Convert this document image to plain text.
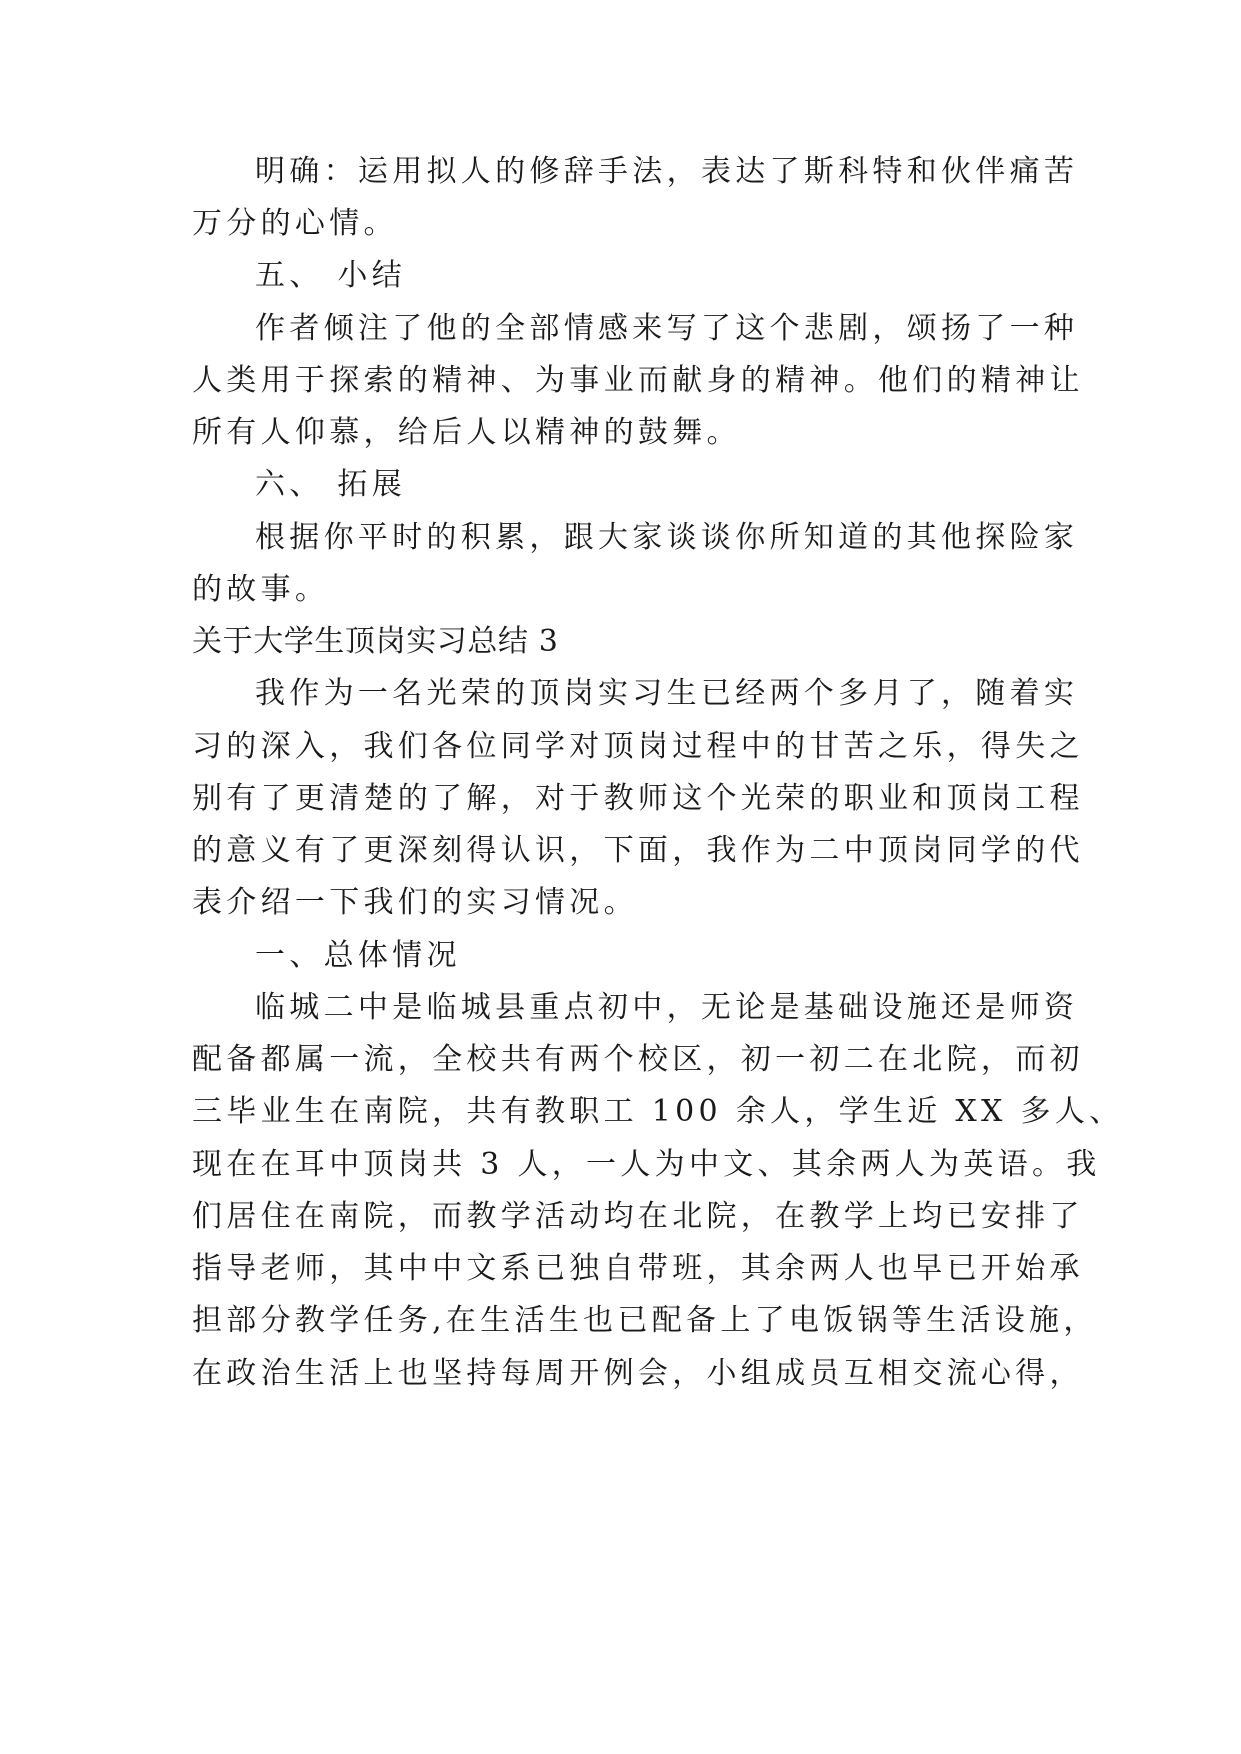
明确：运用拟人的修辞手法，表达了斯科特和伙伴痛苦
万分的心情。
五、 小结
作者倾注了他的全部情感来写了这个悲剧，颂扬了一种
人类用于探索的精神、为事业而献身的精神。他们的精神让
所有人仰慕，给后人以精神的鼓舞。
六、 拓展
根据你平时的积累，跟大家谈谈你所知道的其他探险家
的故事。
关于大学生顶岗实习总结 3
我作为一名光荣的顶岗实习生已经两个多月了，随着实
习的深入，我们各位同学对顶岗过程中的甘苦之乐，得失之
别有了更清楚的了解，对于教师这个光荣的职业和顶岗工程
的意义有了更深刻得认识，下面，我作为二中顶岗同学的代
表介绍一下我们的实习情况。
一、总体情况
临城二中是临城县重点初中，无论是基础设施还是师资
配备都属一流，全校共有两个校区，初一初二在北院，而初
三毕业生在南院，共有教职工 100 余人，学生近 XX 多人、
现在在耳中顶岗共 3 人，一人为中文、其余两人为英语。我
们居住在南院，而教学活动均在北院，在教学上均已安排了
指导老师，其中中文系已独自带班，其余两人也早已开始承
担部分教学任务,在生活生也已配备上了电饭锅等生活设施，
在政治生活上也坚持每周开例会，小组成员互相交流心得，
